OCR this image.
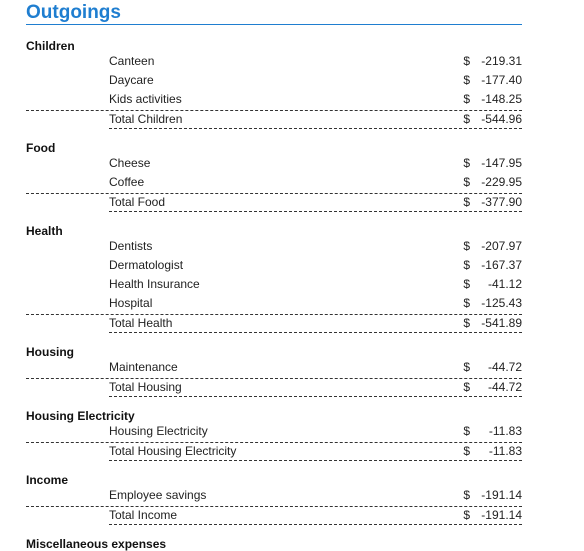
Outgoings
Children
Canteen	$ -219.31
Daycare	$ -177.40
Kids activities	$ -148.25
Total Children	$ -544.96
Food
Cheese	$ -147.95
Coffee	$ -229.95
Total Food	$ -377.90
Health
Dentists	$ -207.97
Dermatologist	$ -167.37
Health Insurance	$ -41.12
Hospital	$ -125.43
Total Health	$ -541.89
Housing
Maintenance	$ -44.72
Total Housing	$ -44.72
Housing Electricity
Housing Electricity	$ -11.83
Total Housing Electricity	$ -11.83
Income
Employee savings	$ -191.14
Total Income	$ -191.14
Miscellaneous expenses
